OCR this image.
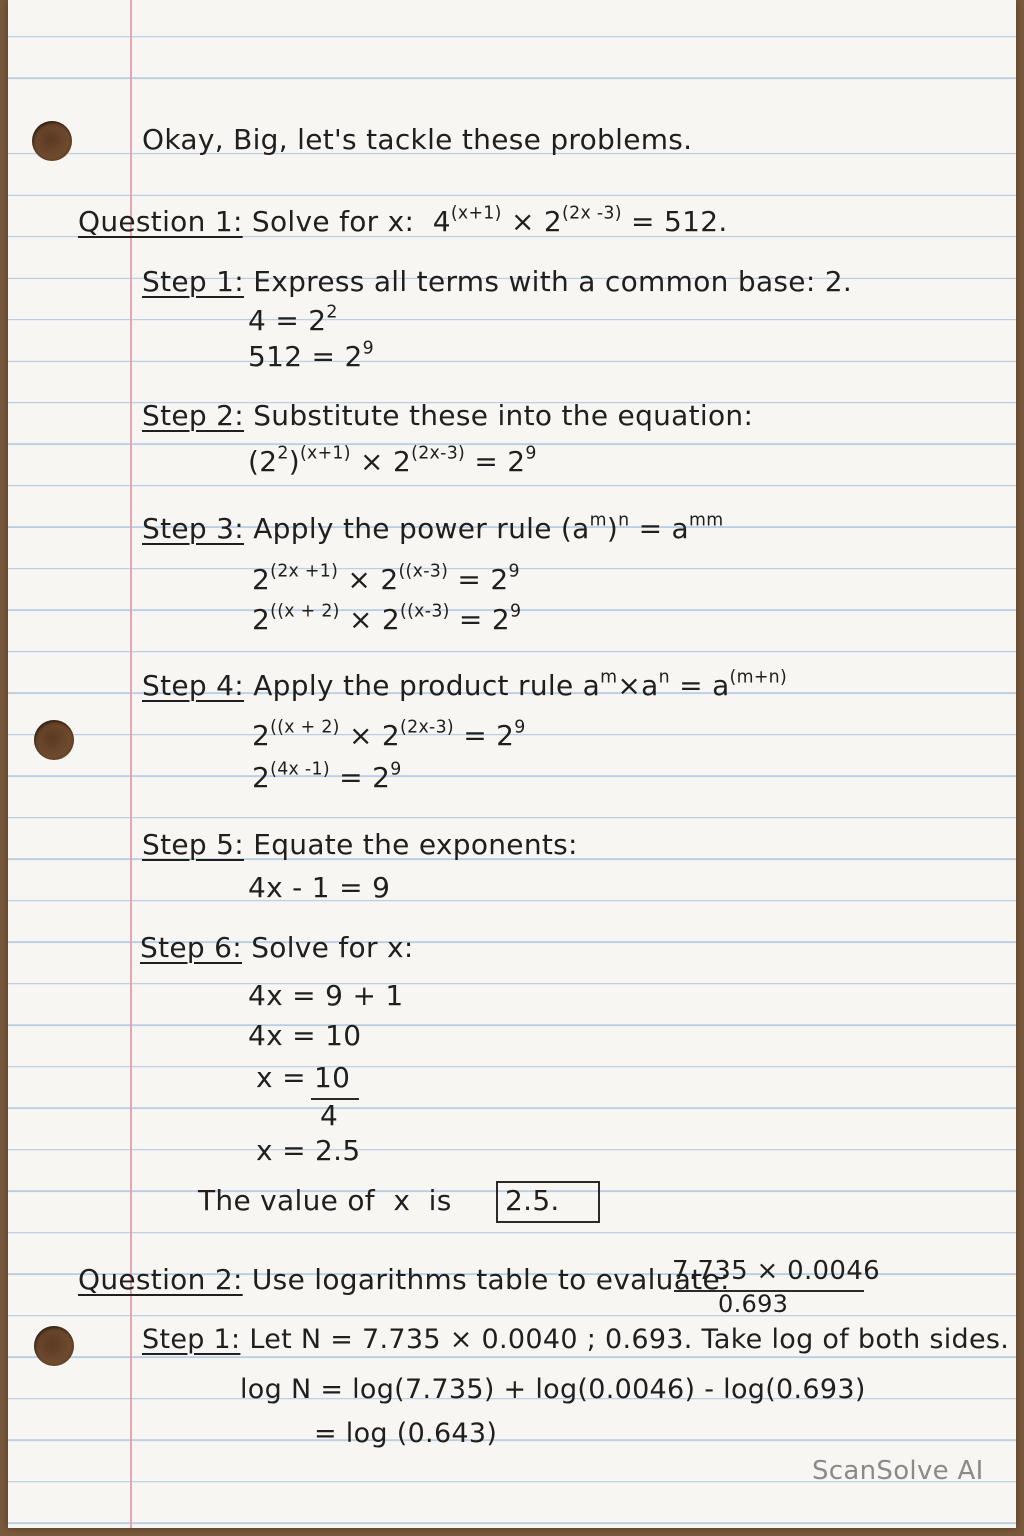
Okay, Big, let's tackle these problems.
Question 1: Solve for x: $4^{(x+1)} \times 2^{(2x -3)} = 512$.
Step 1: Express all terms with a common base: 2.
$4 = 2^2$
$512 = 2^9$
Step 2: Substitute these into the equation:
$(2^2)^{(x+1)} \times 2^{(2x-3)} = 2^9$
Step 3: Apply the power rule $(a^m)^n = a^{mm}$
$2^{(2x +1)} \times 2^{((x-3)} = 2^9$
$2^{((x + 2)} \times 2^{((x-3)} = 2^9$
Step 4: Apply the product rule $a^m\times a^n = a^{(m+n)}$
$2^{((x + 2)} \times 2^{(2x-3)} = 2^9$
$2^{(4x -1)} = 2^9$
Step 5: Equate the exponents:
4x - 1 = 9
Step 6: Solve for x:
4x = 9 + 1
4x = 10
x = 10
4
x = 2.5
The value of x is 2.5.
Question 2: Use logarithms table to evaluate:
7.735 × 0.0046
0.693
Step 1: Let N = 7.735 × 0.0040 ; 0.693. Take log of both sides.
log N = log(7.735) + log(0.0046) - log(0.693)
= log (0.643)
ScanSolve AI
